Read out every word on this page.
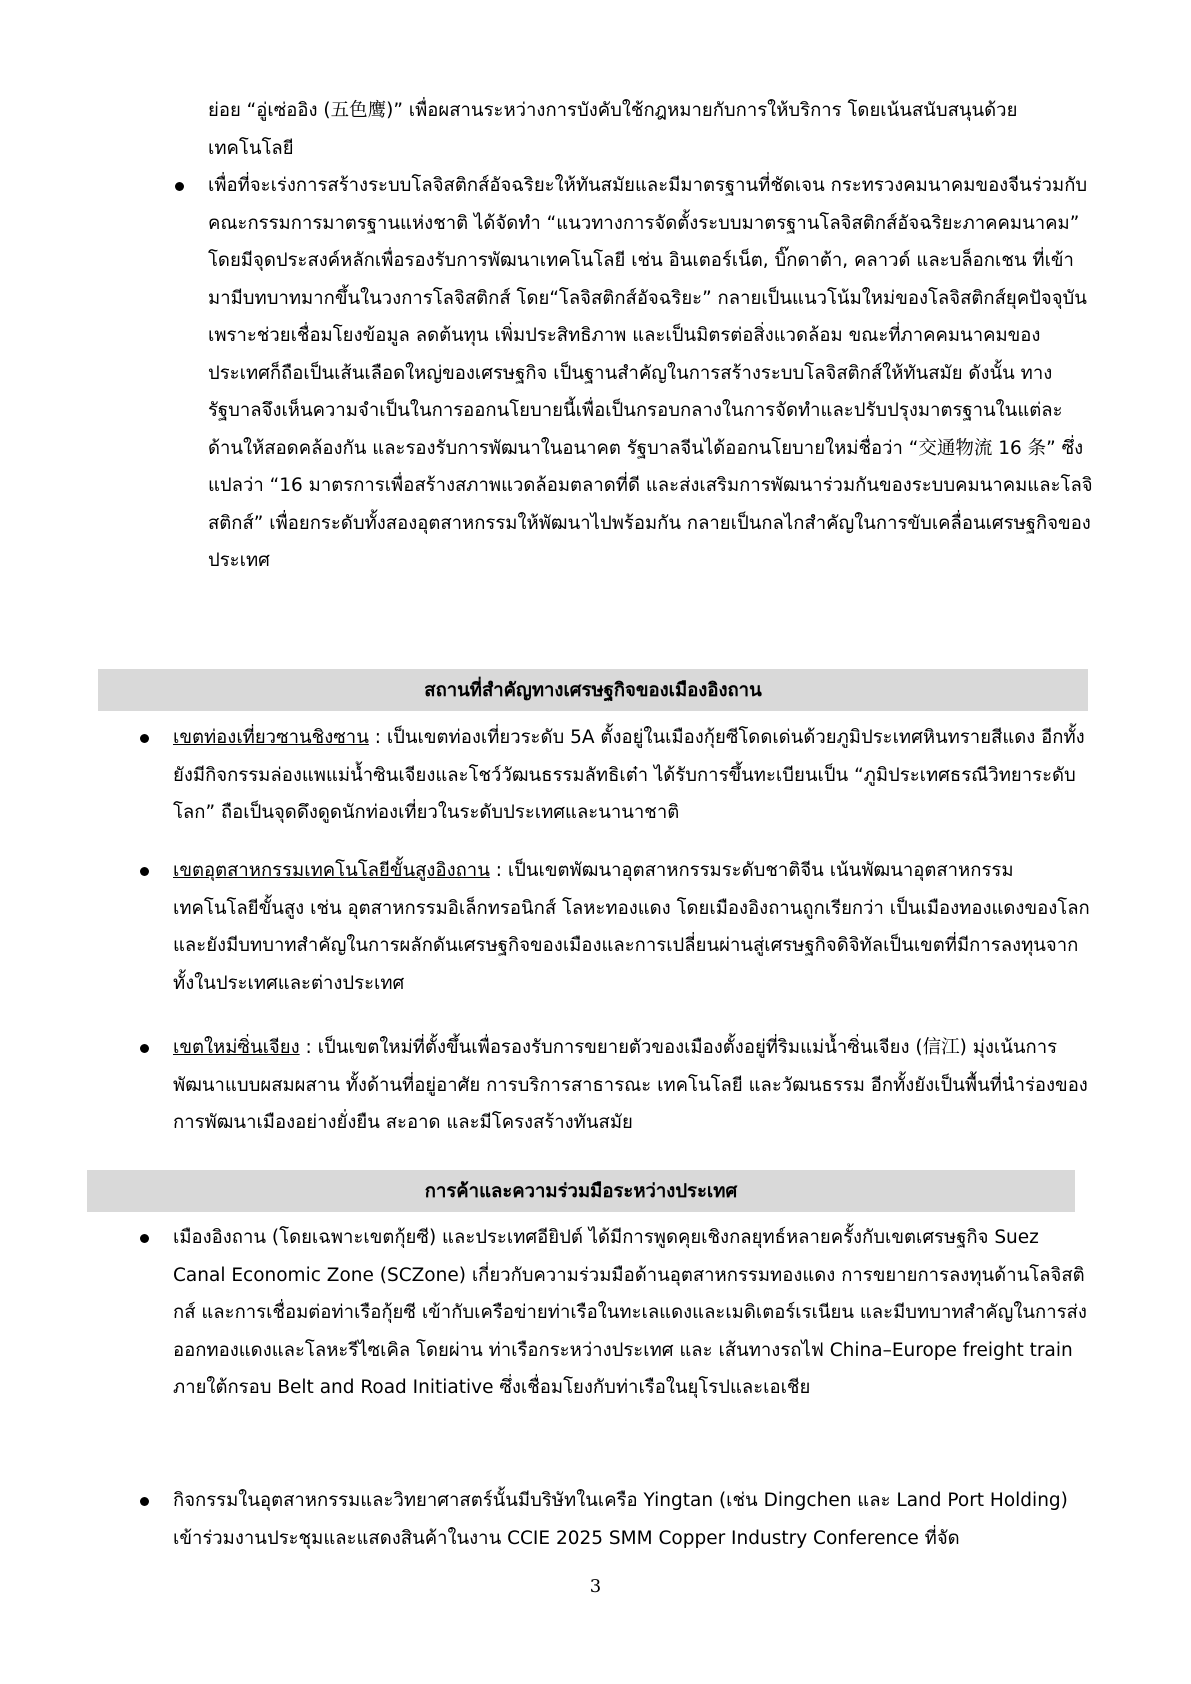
ย่อย “อู่เซ่ออิง (五色鹰)” เพื่อผสานระหว่างการบังคับใช้กฎหมายกับการให้บริการ โดยเน้นสนับสนุนด้วยเทคโนโลยี

เพื่อที่จะเร่งการสร้างระบบโลจิสติกส์อัจฉริยะให้ทันสมัยและมีมาตรฐานที่ชัดเจน กระทรวงคมนาคมของจีนร่วมกับคณะกรรมการมาตรฐานแห่งชาติ ได้จัดทำ “แนวทางการจัดตั้งระบบมาตรฐานโลจิสติกส์อัจฉริยะภาคคมนาคม” โดยมีจุดประสงค์หลักเพื่อรองรับการพัฒนาเทคโนโลยี เช่น อินเตอร์เน็ต, บิ๊กดาต้า, คลาวด์ และบล็อกเชน ที่เข้ามามีบทบาทมากขึ้นในวงการโลจิสติกส์ โดย“โลจิสติกส์อัจฉริยะ” กลายเป็นแนวโน้มใหม่ของโลจิสติกส์ยุคปัจจุบัน เพราะช่วยเชื่อมโยงข้อมูล ลดต้นทุน เพิ่มประสิทธิภาพ และเป็นมิตรต่อสิ่งแวดล้อม ขณะที่ภาคคมนาคมของประเทศก็ถือเป็นเส้นเลือดใหญ่ของเศรษฐกิจ เป็นฐานสำคัญในการสร้างระบบโลจิสติกส์ให้ทันสมัย ดังนั้น ทางรัฐบาลจึงเห็นความจำเป็นในการออกนโยบายนี้เพื่อเป็นกรอบกลางในการจัดทำและปรับปรุงมาตรฐานในแต่ละด้านให้สอดคล้องกัน และรองรับการพัฒนาในอนาคต รัฐบาลจีนได้ออกนโยบายใหม่ชื่อว่า “交通物流 16 条” ซึ่งแปลว่า “16 มาตรการเพื่อสร้างสภาพแวดล้อมตลาดที่ดี และส่งเสริมการพัฒนาร่วมกันของระบบคมนาคมและโลจิสติกส์” เพื่อยกระดับทั้งสองอุตสาหกรรมให้พัฒนาไปพร้อมกัน กลายเป็นกลไกสำคัญในการขับเคลื่อนเศรษฐกิจของประเทศ

สถานที่สำคัญทางเศรษฐกิจของเมืองอิงถาน

เขตท่องเที่ยวซานชิงซาน : เป็นเขตท่องเที่ยวระดับ 5A ตั้งอยู่ในเมืองกุ้ยซีโดดเด่นด้วยภูมิประเทศหินทรายสีแดง อีกทั้งยังมีกิจกรรมล่องแพแม่น้ำซินเจียงและโชว์วัฒนธรรมลัทธิเต๋า ได้รับการขึ้นทะเบียนเป็น “ภูมิประเทศธรณีวิทยาระดับโลก” ถือเป็นจุดดึงดูดนักท่องเที่ยวในระดับประเทศและนานาชาติ

เขตอุตสาหกรรมเทคโนโลยีขั้นสูงอิงถาน : เป็นเขตพัฒนาอุตสาหกรรมระดับชาติจีน เน้นพัฒนาอุตสาหกรรมเทคโนโลยีขั้นสูง เช่น อุตสาหกรรมอิเล็กทรอนิกส์ โลหะทองแดง โดยเมืองอิงถานถูกเรียกว่า เป็นเมืองทองแดงของโลก และยังมีบทบาทสำคัญในการผลักดันเศรษฐกิจของเมืองและการเปลี่ยนผ่านสู่เศรษฐกิจดิจิทัลเป็นเขตที่มีการลงทุนจากทั้งในประเทศและต่างประเทศ

เขตใหม่ซิ่นเจียง : เป็นเขตใหม่ที่ตั้งขึ้นเพื่อรองรับการขยายตัวของเมืองตั้งอยู่ที่ริมแม่น้ำซิ่นเจียง (信江) มุ่งเน้นการพัฒนาแบบผสมผสาน ทั้งด้านที่อยู่อาศัย การบริการสาธารณะ เทคโนโลยี และวัฒนธรรม อีกทั้งยังเป็นพื้นที่นำร่องของการพัฒนาเมืองอย่างยั่งยืน สะอาด และมีโครงสร้างทันสมัย

การค้าและความร่วมมือระหว่างประเทศ

เมืองอิงถาน (โดยเฉพาะเขตกุ้ยซี) และประเทศอียิปต์ ได้มีการพูดคุยเชิงกลยุทธ์หลายครั้งกับเขตเศรษฐกิจ Suez Canal Economic Zone (SCZone) เกี่ยวกับความร่วมมือด้านอุตสาหกรรมทองแดง การขยายการลงทุนด้านโลจิสติกส์ และการเชื่อมต่อท่าเรือกุ้ยซี เข้ากับเครือข่ายท่าเรือในทะเลแดงและเมดิเตอร์เรเนียน และมีบทบาทสำคัญในการส่งออกทองแดงและโลหะรีไซเคิล โดยผ่าน ท่าเรือกระหว่างประเทศ และ เส้นทางรถไฟ China–Europe freight train ภายใต้กรอบ Belt and Road Initiative ซึ่งเชื่อมโยงกับท่าเรือในยุโรปและเอเชีย

กิจกรรมในอุตสาหกรรมและวิทยาศาสตร์นั้นมีบริษัทในเครือ Yingtan (เช่น Dingchen และ Land Port Holding) เข้าร่วมงานประชุมและแสดงสินค้าในงาน CCIE 2025 SMM Copper Industry Conference ที่จัด

3
